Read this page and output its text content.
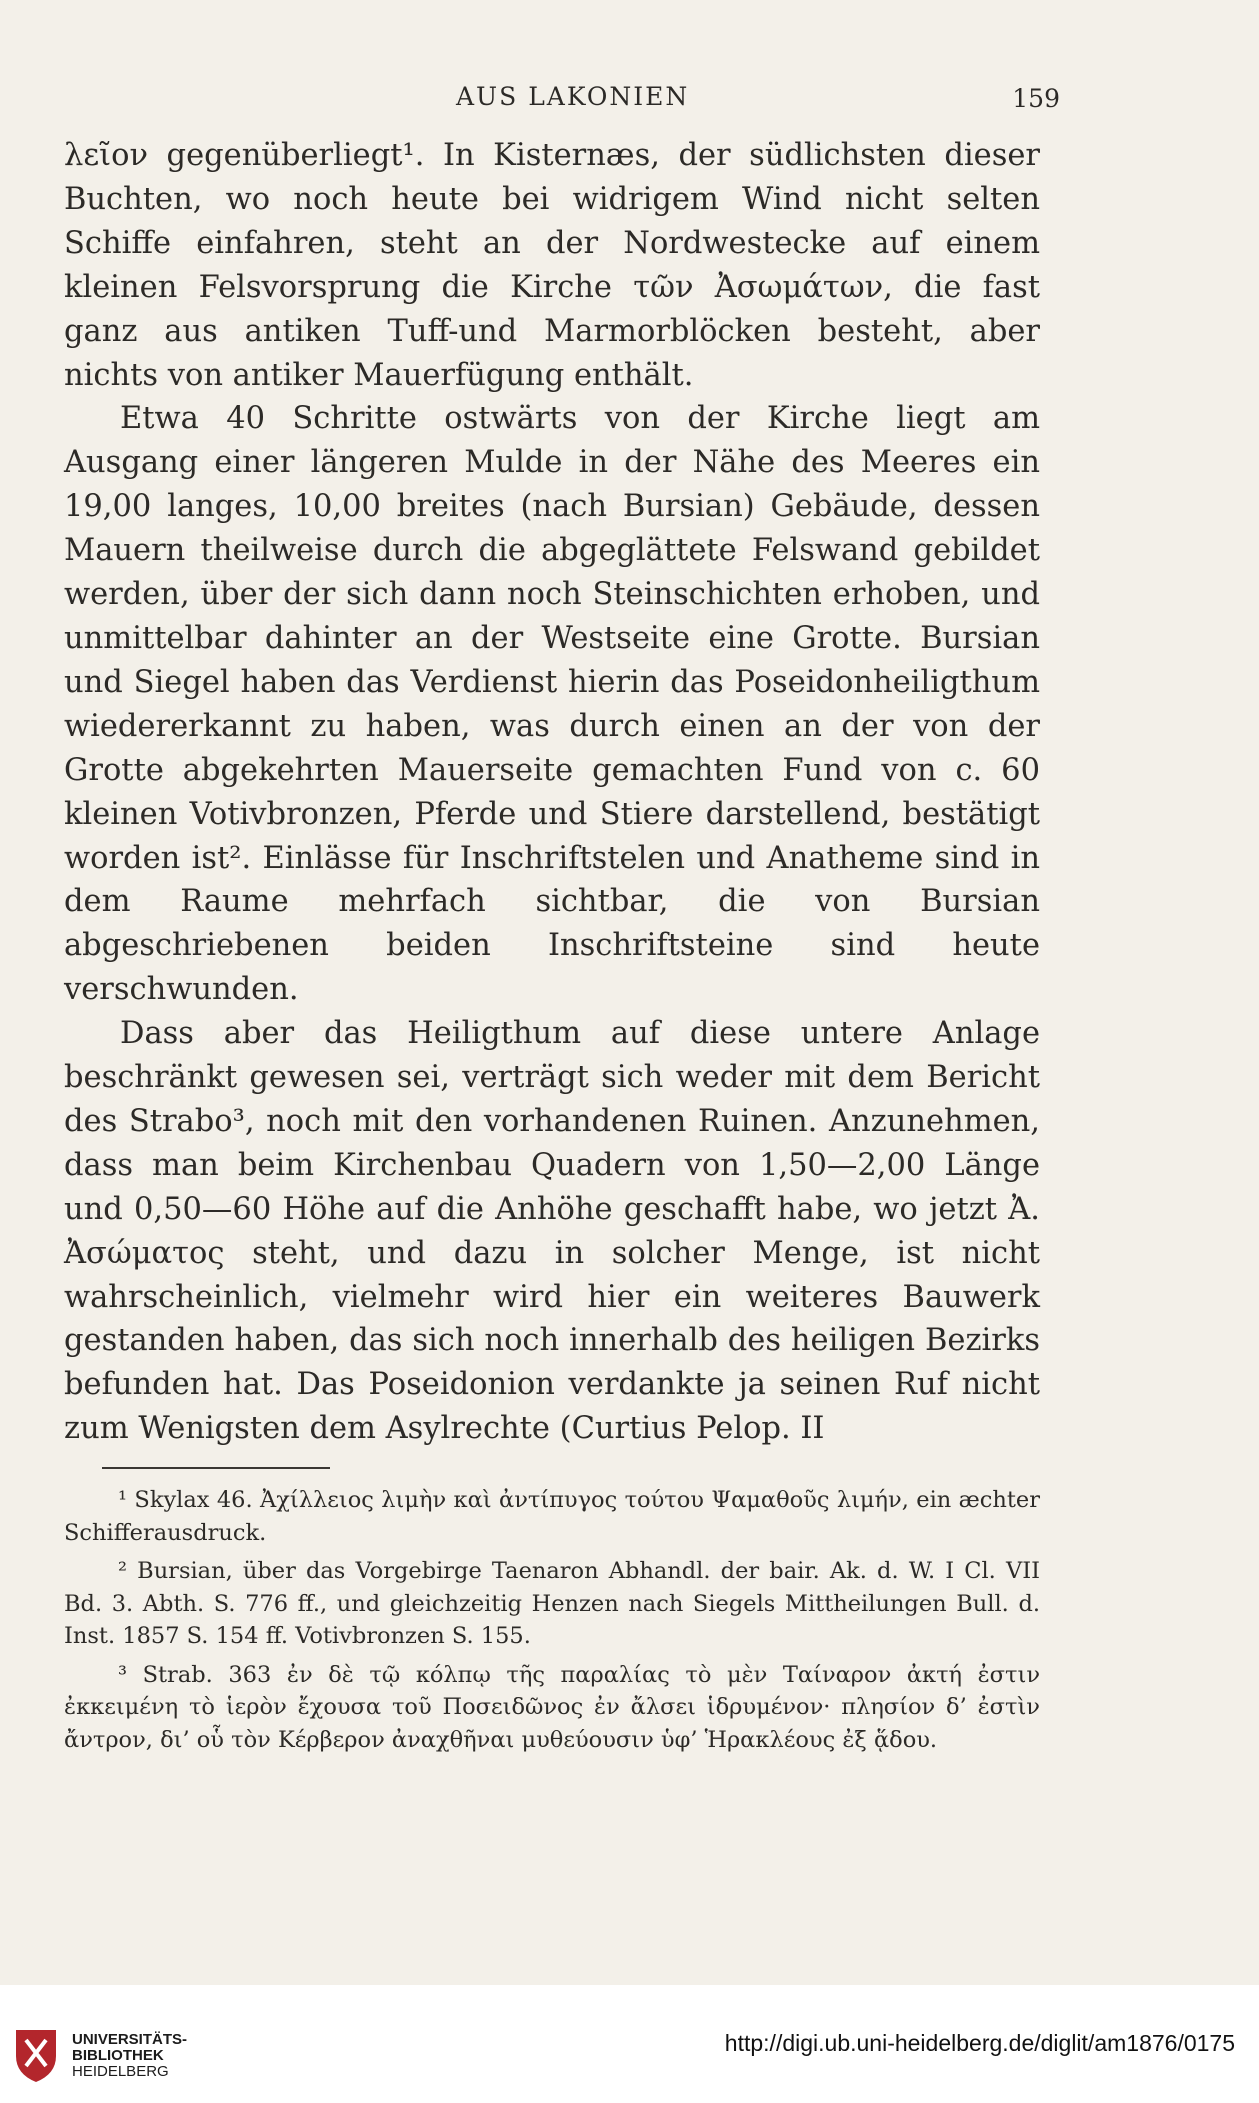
AUS LAKONIEN	159

λεῖον gegenüberliegt¹. In Kisternæs, der südlichsten dieser Buchten, wo noch heute bei widrigem Wind nicht selten Schiffe einfahren, steht an der Nordwestecke auf einem kleinen Felsvorsprung die Kirche τῶν Ἀσωμάτων, die fast ganz aus antiken Tuff-und Marmorblöcken besteht, aber nichts von antiker Mauerfügung enthält.

Etwa 40 Schritte ostwärts von der Kirche liegt am Ausgang einer längeren Mulde in der Nähe des Meeres ein 19,00 langes, 10,00 breites (nach Bursian) Gebäude, dessen Mauern theilweise durch die abgeglättete Felswand gebildet werden, über der sich dann noch Steinschichten erhoben, und unmittelbar dahinter an der Westseite eine Grotte. Bursian und Siegel haben das Verdienst hierin das Poseidonheiligthum wiedererkannt zu haben, was durch einen an der von der Grotte abgekehrten Mauerseite gemachten Fund von c. 60 kleinen Votivbronzen, Pferde und Stiere darstellend, bestätigt worden ist². Einlässe für Inschriftstelen und Anatheme sind in dem Raume mehrfach sichtbar, die von Bursian abgeschriebenen beiden Inschriftsteine sind heute verschwunden.

Dass aber das Heiligthum auf diese untere Anlage beschränkt gewesen sei, verträgt sich weder mit dem Bericht des Strabo³, noch mit den vorhandenen Ruinen. Anzunehmen, dass man beim Kirchenbau Quadern von 1,50—2,00 Länge und 0,50—60 Höhe auf die Anhöhe geschafft habe, wo jetzt Ἀ. Ἀσώματος steht, und dazu in solcher Menge, ist nicht wahrscheinlich, vielmehr wird hier ein weiteres Bauwerk gestanden haben, das sich noch innerhalb des heiligen Bezirks befunden hat. Das Poseidonion verdankte ja seinen Ruf nicht zum Wenigsten dem Asylrechte (Curtius Pelop. II

¹ Skylax 46. Ἀχίλλειος λιμὴν καὶ ἀντίπυγος τούτου Ψαμαθοῦς λιμήν, ein æchter Schifferausdruck.

² Bursian, über das Vorgebirge Taenaron Abhandl. der bair. Ak. d. W. I Cl. VII Bd. 3. Abth. S. 776 ff., und gleichzeitig Henzen nach Siegels Mittheilungen Bull. d. Inst. 1857 S. 154 ff. Votivbronzen S. 155.

³ Strab. 363 ἐν δὲ τῷ κόλπῳ τῆς παραλίας τὸ μὲν Ταίναρον ἀκτή ἐστιν ἐκκειμένη τὸ ἱερὸν ἔχουσα τοῦ Ποσειδῶνος ἐν ἄλσει ἱδρυμένον· πλησίον δ’ ἐστὶν ἄντρον, δι’ οὗ τὸν Κέρβερον ἀναχθῆναι μυθεύουσιν ὑφ’ Ἡρακλέους ἐξ ᾅδου.

UNIVERSITÄTS-
BIBLIOTHEK
HEIDELBERG
http://digi.ub.uni-heidelberg.de/diglit/am1876/0175
